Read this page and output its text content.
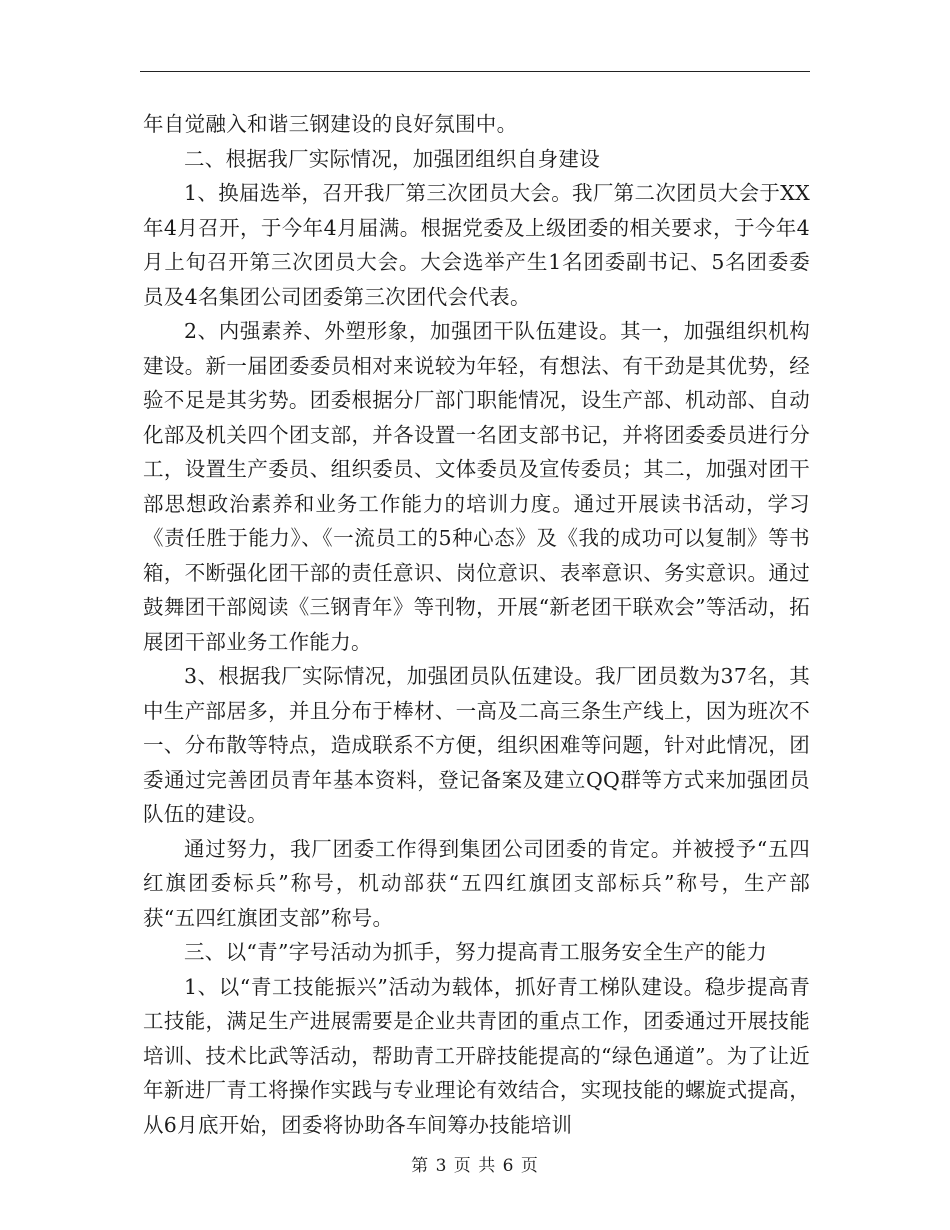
年自觉融入和谐三钢建设的良好氛围中。

二、根据我厂实际情况，加强团组织自身建设

1、换届选举，召开我厂第三次团员大会。我厂第二次团员大会于XX年4月召开，于今年4月届满。根据党委及上级团委的相关要求，于今年4月上旬召开第三次团员大会。大会选举产生1名团委副书记、5名团委委员及4名集团公司团委第三次团代会代表。

2、内强素养、外塑形象，加强团干队伍建设。其一，加强组织机构建设。新一届团委委员相对来说较为年轻，有想法、有干劲是其优势，经验不足是其劣势。团委根据分厂部门职能情况，设生产部、机动部、自动化部及机关四个团支部，并各设置一名团支部书记，并将团委委员进行分工，设置生产委员、组织委员、文体委员及宣传委员；其二，加强对团干部思想政治素养和业务工作能力的培训力度。通过开展读书活动，学习《责任胜于能力》、《一流员工的5种心态》及《我的成功可以复制》等书箱，不断强化团干部的责任意识、岗位意识、表率意识、务实意识。通过鼓舞团干部阅读《三钢青年》等刊物，开展“新老团干联欢会”等活动，拓展团干部业务工作能力。

3、根据我厂实际情况，加强团员队伍建设。我厂团员数为37名，其中生产部居多，并且分布于棒材、一高及二高三条生产线上，因为班次不一、分布散等特点，造成联系不方便，组织困难等问题，针对此情况，团委通过完善团员青年基本资料，登记备案及建立QQ群等方式来加强团员队伍的建设。

通过努力，我厂团委工作得到集团公司团委的肯定。并被授予“五四红旗团委标兵”称号，机动部获“五四红旗团支部标兵”称号，生产部获“五四红旗团支部”称号。

三、以“青”字号活动为抓手，努力提高青工服务安全生产的能力

1、以“青工技能振兴”活动为载体，抓好青工梯队建设。稳步提高青工技能，满足生产进展需要是企业共青团的重点工作，团委通过开展技能培训、技术比武等活动，帮助青工开辟技能提高的“绿色通道”。为了让近年新进厂青工将操作实践与专业理论有效结合，实现技能的螺旋式提高，从6月底开始，团委将协助各车间筹办技能培训

第 3 页 共 6 页
